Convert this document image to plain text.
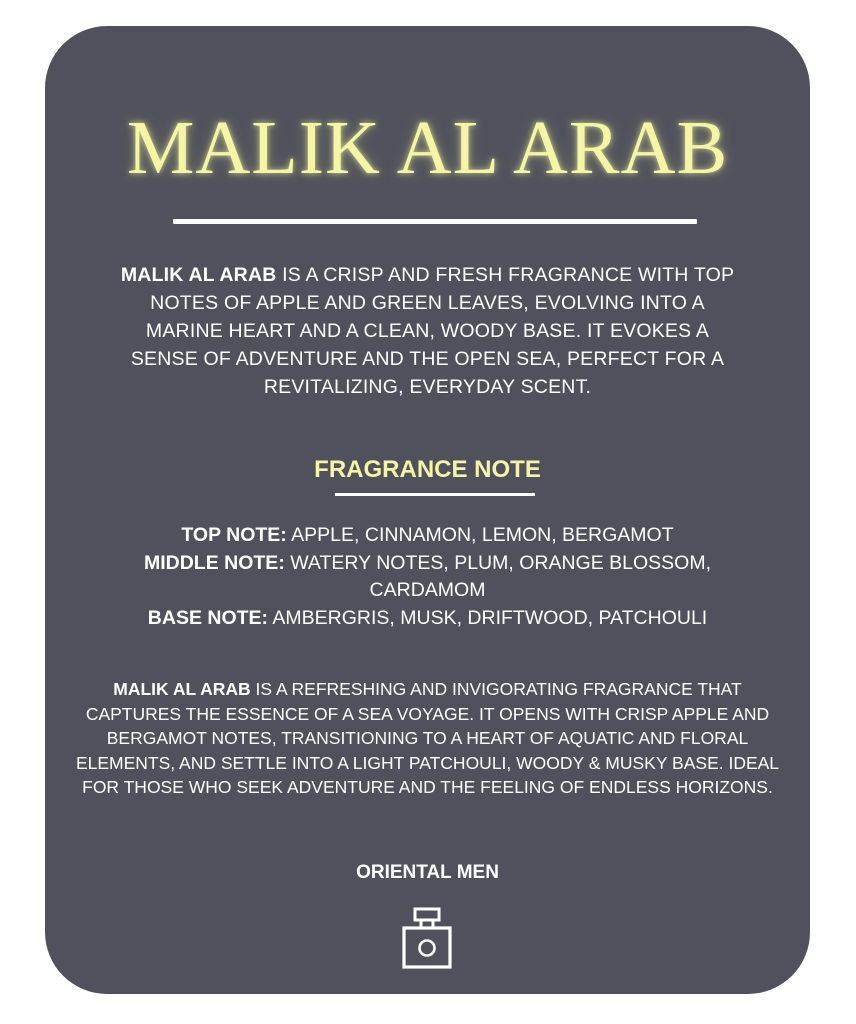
MALIK AL ARAB

MALIK AL ARAB IS A CRISP AND FRESH FRAGRANCE WITH TOP NOTES OF APPLE AND GREEN LEAVES, EVOLVING INTO A MARINE HEART AND A CLEAN, WOODY BASE. IT EVOKES A SENSE OF ADVENTURE AND THE OPEN SEA, PERFECT FOR A REVITALIZING, EVERYDAY SCENT.

FRAGRANCE NOTE

TOP NOTE: APPLE, CINNAMON, LEMON, BERGAMOT
MIDDLE NOTE: WATERY NOTES, PLUM, ORANGE BLOSSOM, CARDAMOM
BASE NOTE: AMBERGRIS, MUSK, DRIFTWOOD, PATCHOULI

MALIK AL ARAB IS A REFRESHING AND INVIGORATING FRAGRANCE THAT CAPTURES THE ESSENCE OF A SEA VOYAGE. IT OPENS WITH CRISP APPLE AND BERGAMOT NOTES, TRANSITIONING TO A HEART OF AQUATIC AND FLORAL ELEMENTS, AND SETTLE INTO A LIGHT PATCHOULI, WOODY & MUSKY BASE. IDEAL FOR THOSE WHO SEEK ADVENTURE AND THE FEELING OF ENDLESS HORIZONS.

ORIENTAL MEN
